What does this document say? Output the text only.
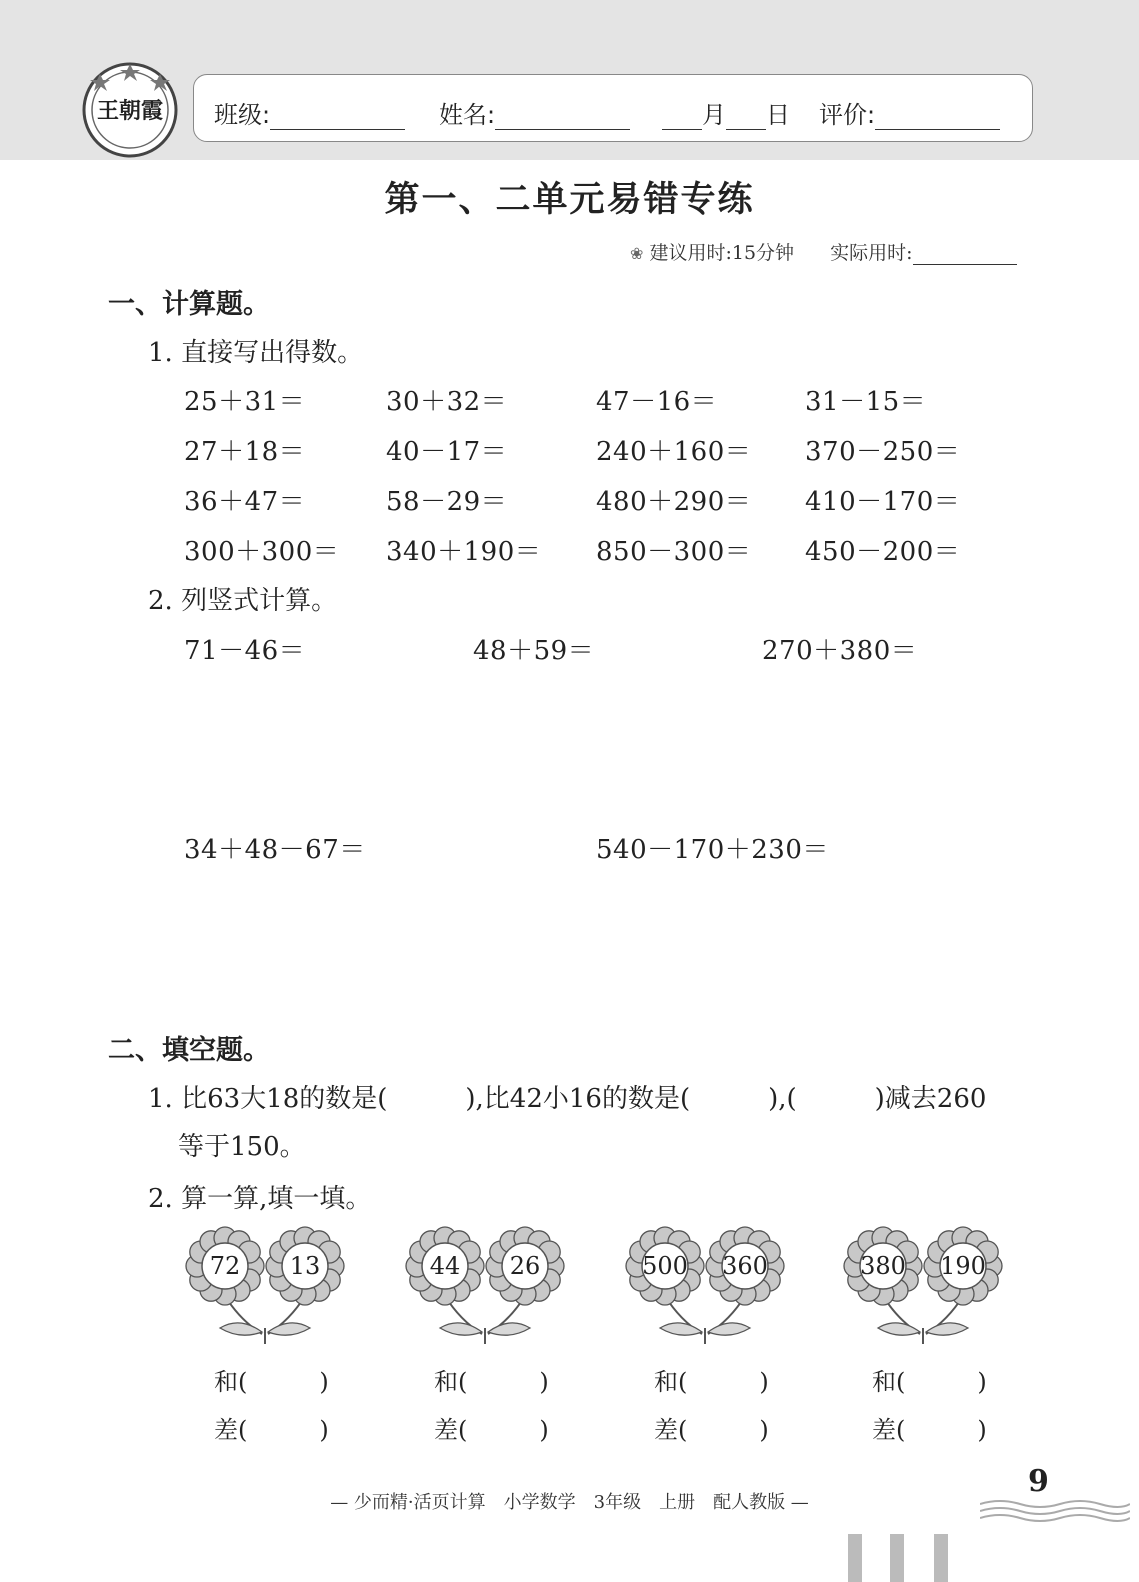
王朝霞 班级:	姓名:	月 日 评价:
第一、二单元易错专练
❀ 建议用时:15分钟 实际用时:
一、计算题。
1. 直接写出得数。
25＋31＝	30＋32＝	47－16＝	31－15＝
27＋18＝	40－17＝	240＋160＝ 370－250＝
36＋47＝	58－29＝	480＋290＝ 410－170＝
300＋300＝ 340＋190＝ 850－300＝ 450－200＝
2. 列竖式计算。
71－46＝	48＋59＝	270＋380＝
34＋48－67＝	540－170＋230＝
二、填空题。
1. 比63大18的数是(　　　),比42小16的数是(　　　),(　　　)减去260
等于150。
2. 算一算,填一填。
72	13
和(　　　)
差(　　　)
44	26
和(　　　)
差(　　　)
500 360
和(　　　)
差(　　　)
380 190
和(　　　)
差(　　　)
— 少而精·活页计算　小学数学　3年级　上册　配人教版 —
9
